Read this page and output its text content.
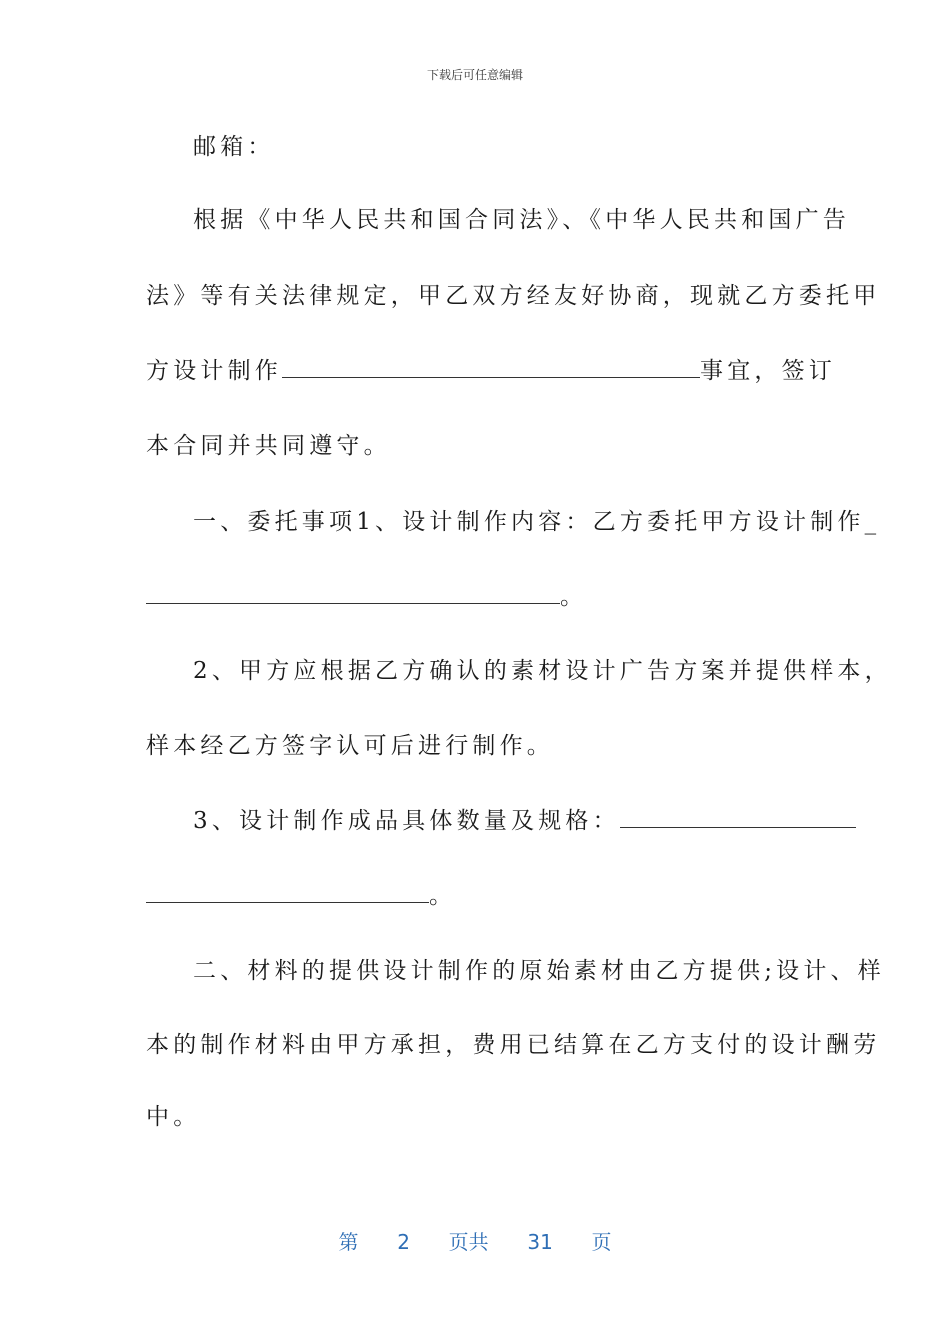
下载后可任意编辑
邮箱：
根据《中华人民共和国合同法》、《中华人民共和国广告
法》等有关法律规定，甲乙双方经友好协商，现就乙方委托甲
方设计制作	事宜，签订
本合同并共同遵守。
一、委托事项1、设计制作内容：乙方委托甲方设计制作_
。
2、甲方应根据乙方确认的素材设计广告方案并提供样本，
样本经乙方签字认可后进行制作。
3、设计制作成品具体数量及规格：
。
二、材料的提供设计制作的原始素材由乙方提供;设计、样
本的制作材料由甲方承担，费用已结算在乙方支付的设计酬劳
中。
第 2 页共 31 页
